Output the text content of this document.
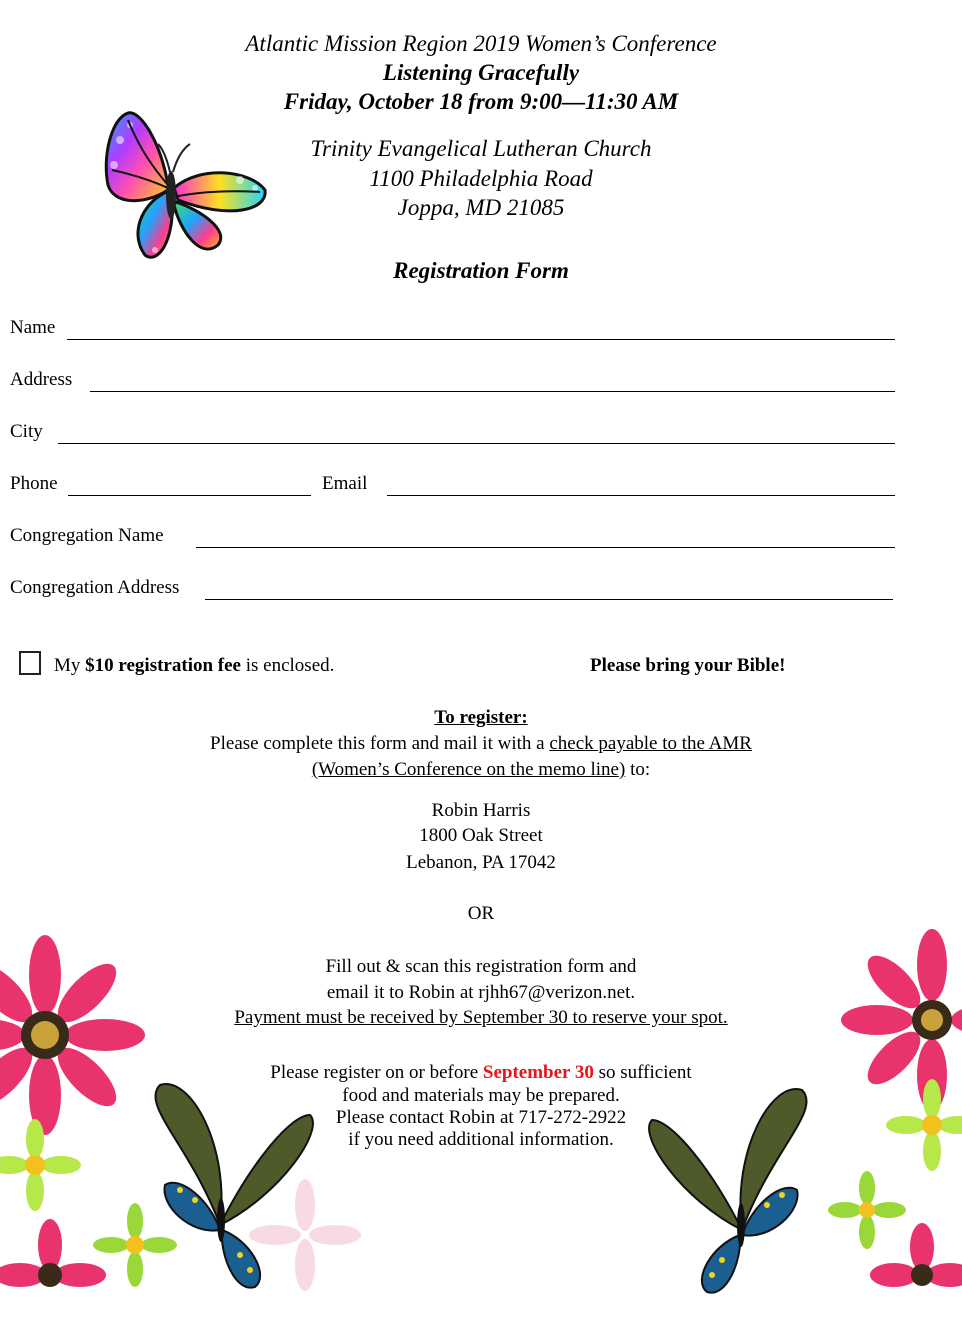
Atlantic Mission Region 2019 Women’s Conference
Listening Gracefully
Friday, October 18 from 9:00—11:30 AM
Trinity Evangelical Lutheran Church
1100 Philadelphia Road
Joppa, MD 21085
Registration Form
Name
Address
City
Phone	Email
Congregation Name
Congregation Address
My $10 registration fee is enclosed.	Please bring your Bible!
To register:
Please complete this form and mail it with a check payable to the AMR
(Women’s Conference on the memo line) to:
Robin Harris
1800 Oak Street
Lebanon, PA 17042
OR
Fill out & scan this registration form and
email it to Robin at rjhh67@verizon.net.
Payment must be received by September 30 to reserve your spot.
Please register on or before September 30 so sufficient
food and materials may be prepared.
Please contact Robin at 717-272-2922
if you need additional information.
